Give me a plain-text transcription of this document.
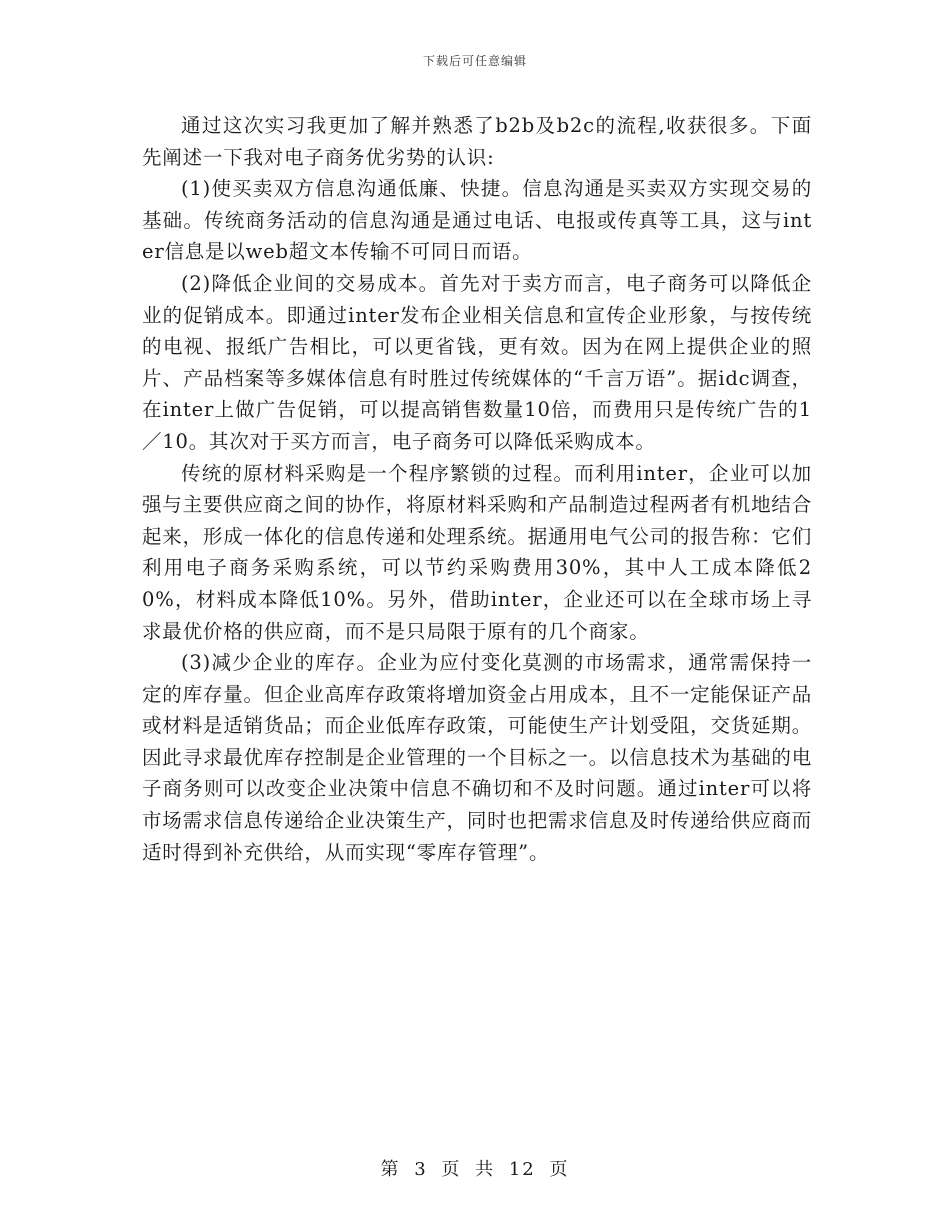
下载后可任意编辑

通过这次实习我更加了解并熟悉了b2b及b2c的流程,收获很多。下面先阐述一下我对电子商务优劣势的认识:

(1)使买卖双方信息沟通低廉、快捷。信息沟通是买卖双方实现交易的基础。传统商务活动的信息沟通是通过电话、电报或传真等工具，这与inter信息是以web超文本传输不可同日而语。

(2)降低企业间的交易成本。首先对于卖方而言，电子商务可以降低企业的促销成本。即通过inter发布企业相关信息和宣传企业形象，与按传统的电视、报纸广告相比，可以更省钱，更有效。因为在网上提供企业的照片、产品档案等多媒体信息有时胜过传统媒体的“千言万语”。据idc调查，在inter上做广告促销，可以提高销售数量10倍，而费用只是传统广告的1／10。其次对于买方而言，电子商务可以降低采购成本。

传统的原材料采购是一个程序繁锁的过程。而利用inter，企业可以加强与主要供应商之间的协作，将原材料采购和产品制造过程两者有机地结合起来，形成一体化的信息传递和处理系统。据通用电气公司的报告称：它们利用电子商务采购系统，可以节约采购费用30%，其中人工成本降低20%，材料成本降低10%。另外，借助inter，企业还可以在全球市场上寻求最优价格的供应商，而不是只局限于原有的几个商家。

(3)减少企业的库存。企业为应付变化莫测的市场需求，通常需保持一定的库存量。但企业高库存政策将增加资金占用成本，且不一定能保证产品或材料是适销货品；而企业低库存政策，可能使生产计划受阻，交货延期。因此寻求最优库存控制是企业管理的一个目标之一。以信息技术为基础的电子商务则可以改变企业决策中信息不确切和不及时问题。通过inter可以将市场需求信息传递给企业决策生产，同时也把需求信息及时传递给供应商而适时得到补充供给，从而实现“零库存管理”。

第 3 页 共 12 页
